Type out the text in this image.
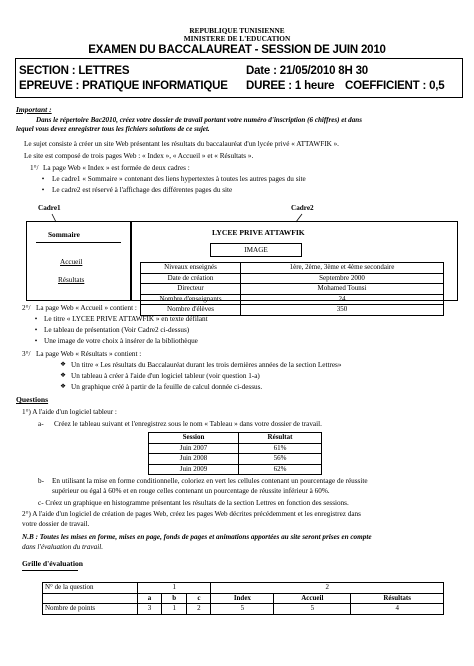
REPUBLIQUE TUNISIENNE
MINISTERE DE L'EDUCATION
EXAMEN DU BACCALAUREAT - SESSION DE JUIN 2010
SECTION : LETTRES	Date : 21/05/2010 8H 30
EPREUVE : PRATIQUE INFORMATIQUE DUREE : 1 heure COEFFICIENT : 0,5
Important :
Dans le répertoire Bac2010, créez votre dossier de travail portant votre numéro d'inscription (6 chiffres) et dans
lequel vous devez enregistrer tous les fichiers solutions de ce sujet.
Le sujet consiste à créer un site Web présentant les résultats du baccalauréat d'un lycée privé « ATTAWFIK ».
Le site est composé de trois pages Web : « Index », « Accueil » et « Résultats ».
1°/ La page Web « Index » est formée de deux cadres :
• Le cadre1 « Sommaire » contenant des liens hypertextes à toutes les autres pages du site
• Le cadre2 est réservé à l'affichage des différentes pages du site
Cadre1	Cadre2
Sommaire
Accueil
Résultats
LYCEE PRIVE ATTAWFIK
IMAGE
Niveaux enseignés	1ère, 2ème, 3ème et 4ème secondaire
Date de création	Septembre 2000
Directeur	Mohamed Tounsi
Nombre d'enseignants	24
Nombre d'élèves	350
2°/ La page Web « Accueil » contient :
• Le titre « LYCEE PRIVE ATTAWFIK » en texte défilant
• Le tableau de présentation (Voir Cadre2 ci-dessus)
• Une image de votre choix à insérer de la bibliothèque
3°/ La page Web « Résultats » contient :
❖ Un titre « Les résultats du Baccalauréat durant les trois dernières années de la section Lettres»
❖ Un tableau à créer à l'aide d'un logiciel tableur (voir question 1-a)
❖ Un graphique créé à partir de la feuille de calcul donnée ci-dessus.
Questions
1°) A l'aide d'un logiciel tableur :
a- Créez le tableau suivant et l'enregistrez sous le nom « Tableau » dans votre dossier de travail.
Session	Résultat
Juin 2007	61%
Juin 2008	56%
Juin 2009	62%
b- En utilisant la mise en forme conditionnelle, coloriez en vert les cellules contenant un pourcentage de réussite
supérieur ou égal à 60% et en rouge celles contenant un pourcentage de réussite inférieur à 60%.
c- Créez un graphique en histogramme présentant les résultats de la section Lettres en fonction des sessions.
2°) A l'aide d'un logiciel de création de pages Web, créez les pages Web décrites précédemment et les enregistrez dans
votre dossier de travail.
N.B : Toutes les mises en forme, mises en page, fonds de pages et animations apportées au site seront prises en compte
dans l'évaluation du travail.
Grille d'évaluation
N° de la question	1			2		
	a	b	c	Index	Accueil	Résultats
Nombre de points	3	1	2	5	5	4
